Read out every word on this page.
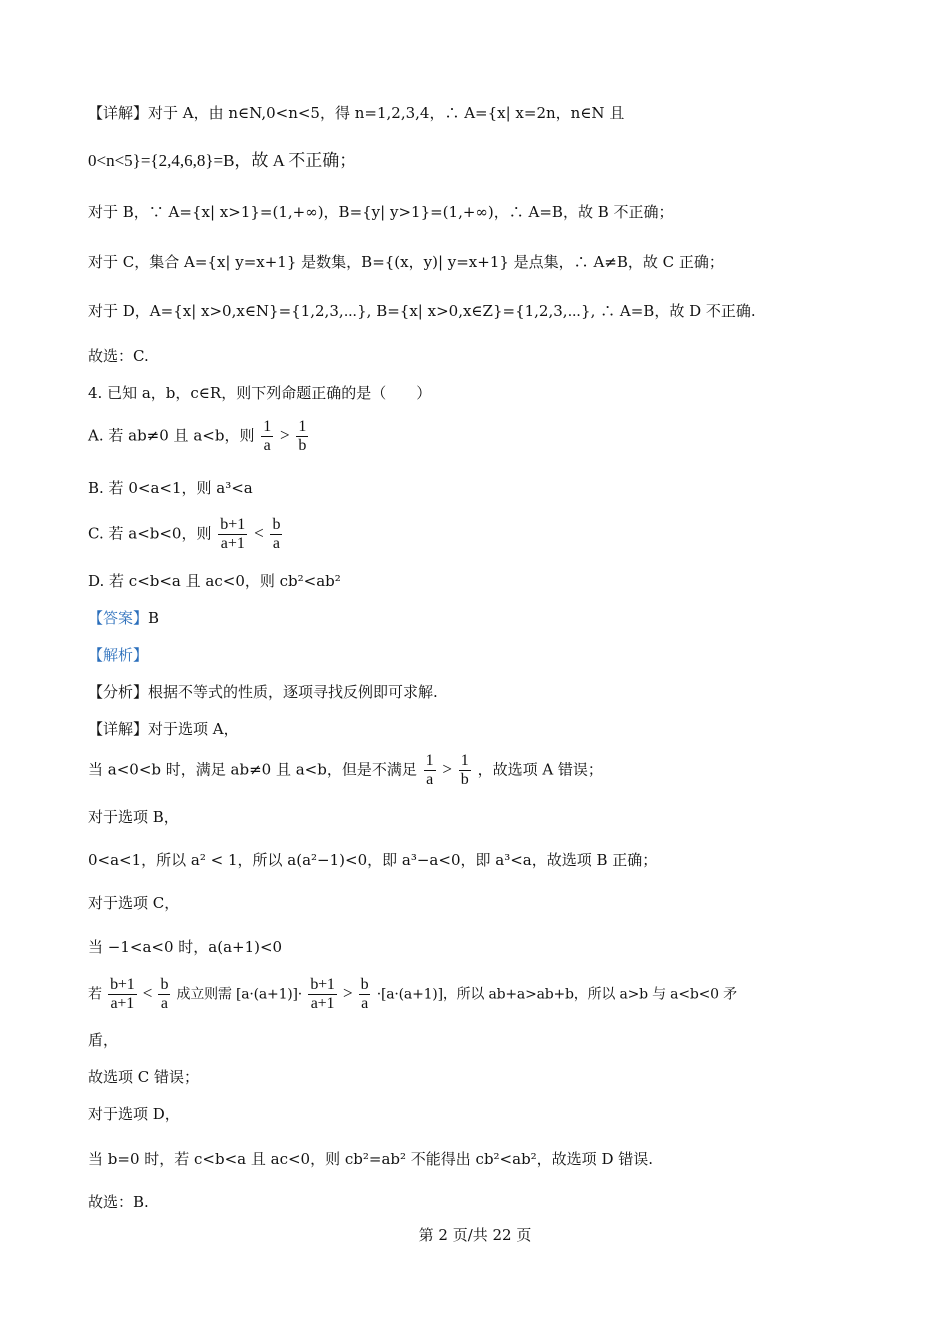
【详解】对于 A，由 n∈N,0<n<5，得 n=1,2,3,4，∴ A={x| x=2n，n∈N 且
0<n<5}={2,4,6,8}=B，故 A 不正确；
对于 B，∵ A={x| x>1}=(1,+∞)，B={y| y>1}=(1,+∞)，∴ A=B，故 B 不正确；
对于 C，集合 A={x| y=x+1} 是数集，B={(x，y)| y=x+1} 是点集，∴ A≠B，故 C 正确；
对于 D，A={x| x>0,x∈N}={1,2,3,⋯}, B={x| x>0,x∈Z}={1,2,3,⋯}, ∴ A=B，故 D 不正确.
故选：C.
4. 已知 a，b，c∈R，则下列命题正确的是（　　）
A. 若 ab≠0 且 a<b，则 $\frac{1}{a} > \frac{1}{b}$
B. 若 0<a<1，则 a³<a
C. 若 a<b<0，则 $\frac{b+1}{a+1} < \frac{b}{a}$
D. 若 c<b<a 且 ac<0，则 cb²<ab²
【答案】B
【解析】
【分析】根据不等式的性质，逐项寻找反例即可求解.
【详解】对于选项 A，
当 a<0<b 时，满足 ab≠0 且 a<b，但是不满足 $\frac{1}{a} > \frac{1}{b}$ ，故选项 A 错误；
对于选项 B，
0<a<1，所以 a² < 1，所以 a(a²−1)<0，即 a³−a<0，即 a³<a，故选项 B 正确；
对于选项 C，
当 −1<a<0 时，a(a+1)<0
若 $\frac{b+1}{a+1} < \frac{b}{a}$ 成立则需 $[a\cdot(a+1)]\cdot \frac{b+1}{a+1} > \frac{b}{a} \cdot[a\cdot(a+1)]$，所以 ab+a>ab+b，所以 a>b 与 a<b<0 矛
盾，
故选项 C 错误；
对于选项 D，
当 b=0 时，若 c<b<a 且 ac<0，则 cb²=ab² 不能得出 cb²<ab²，故选项 D 错误.
故选：B.
第 2 页/共 22 页
